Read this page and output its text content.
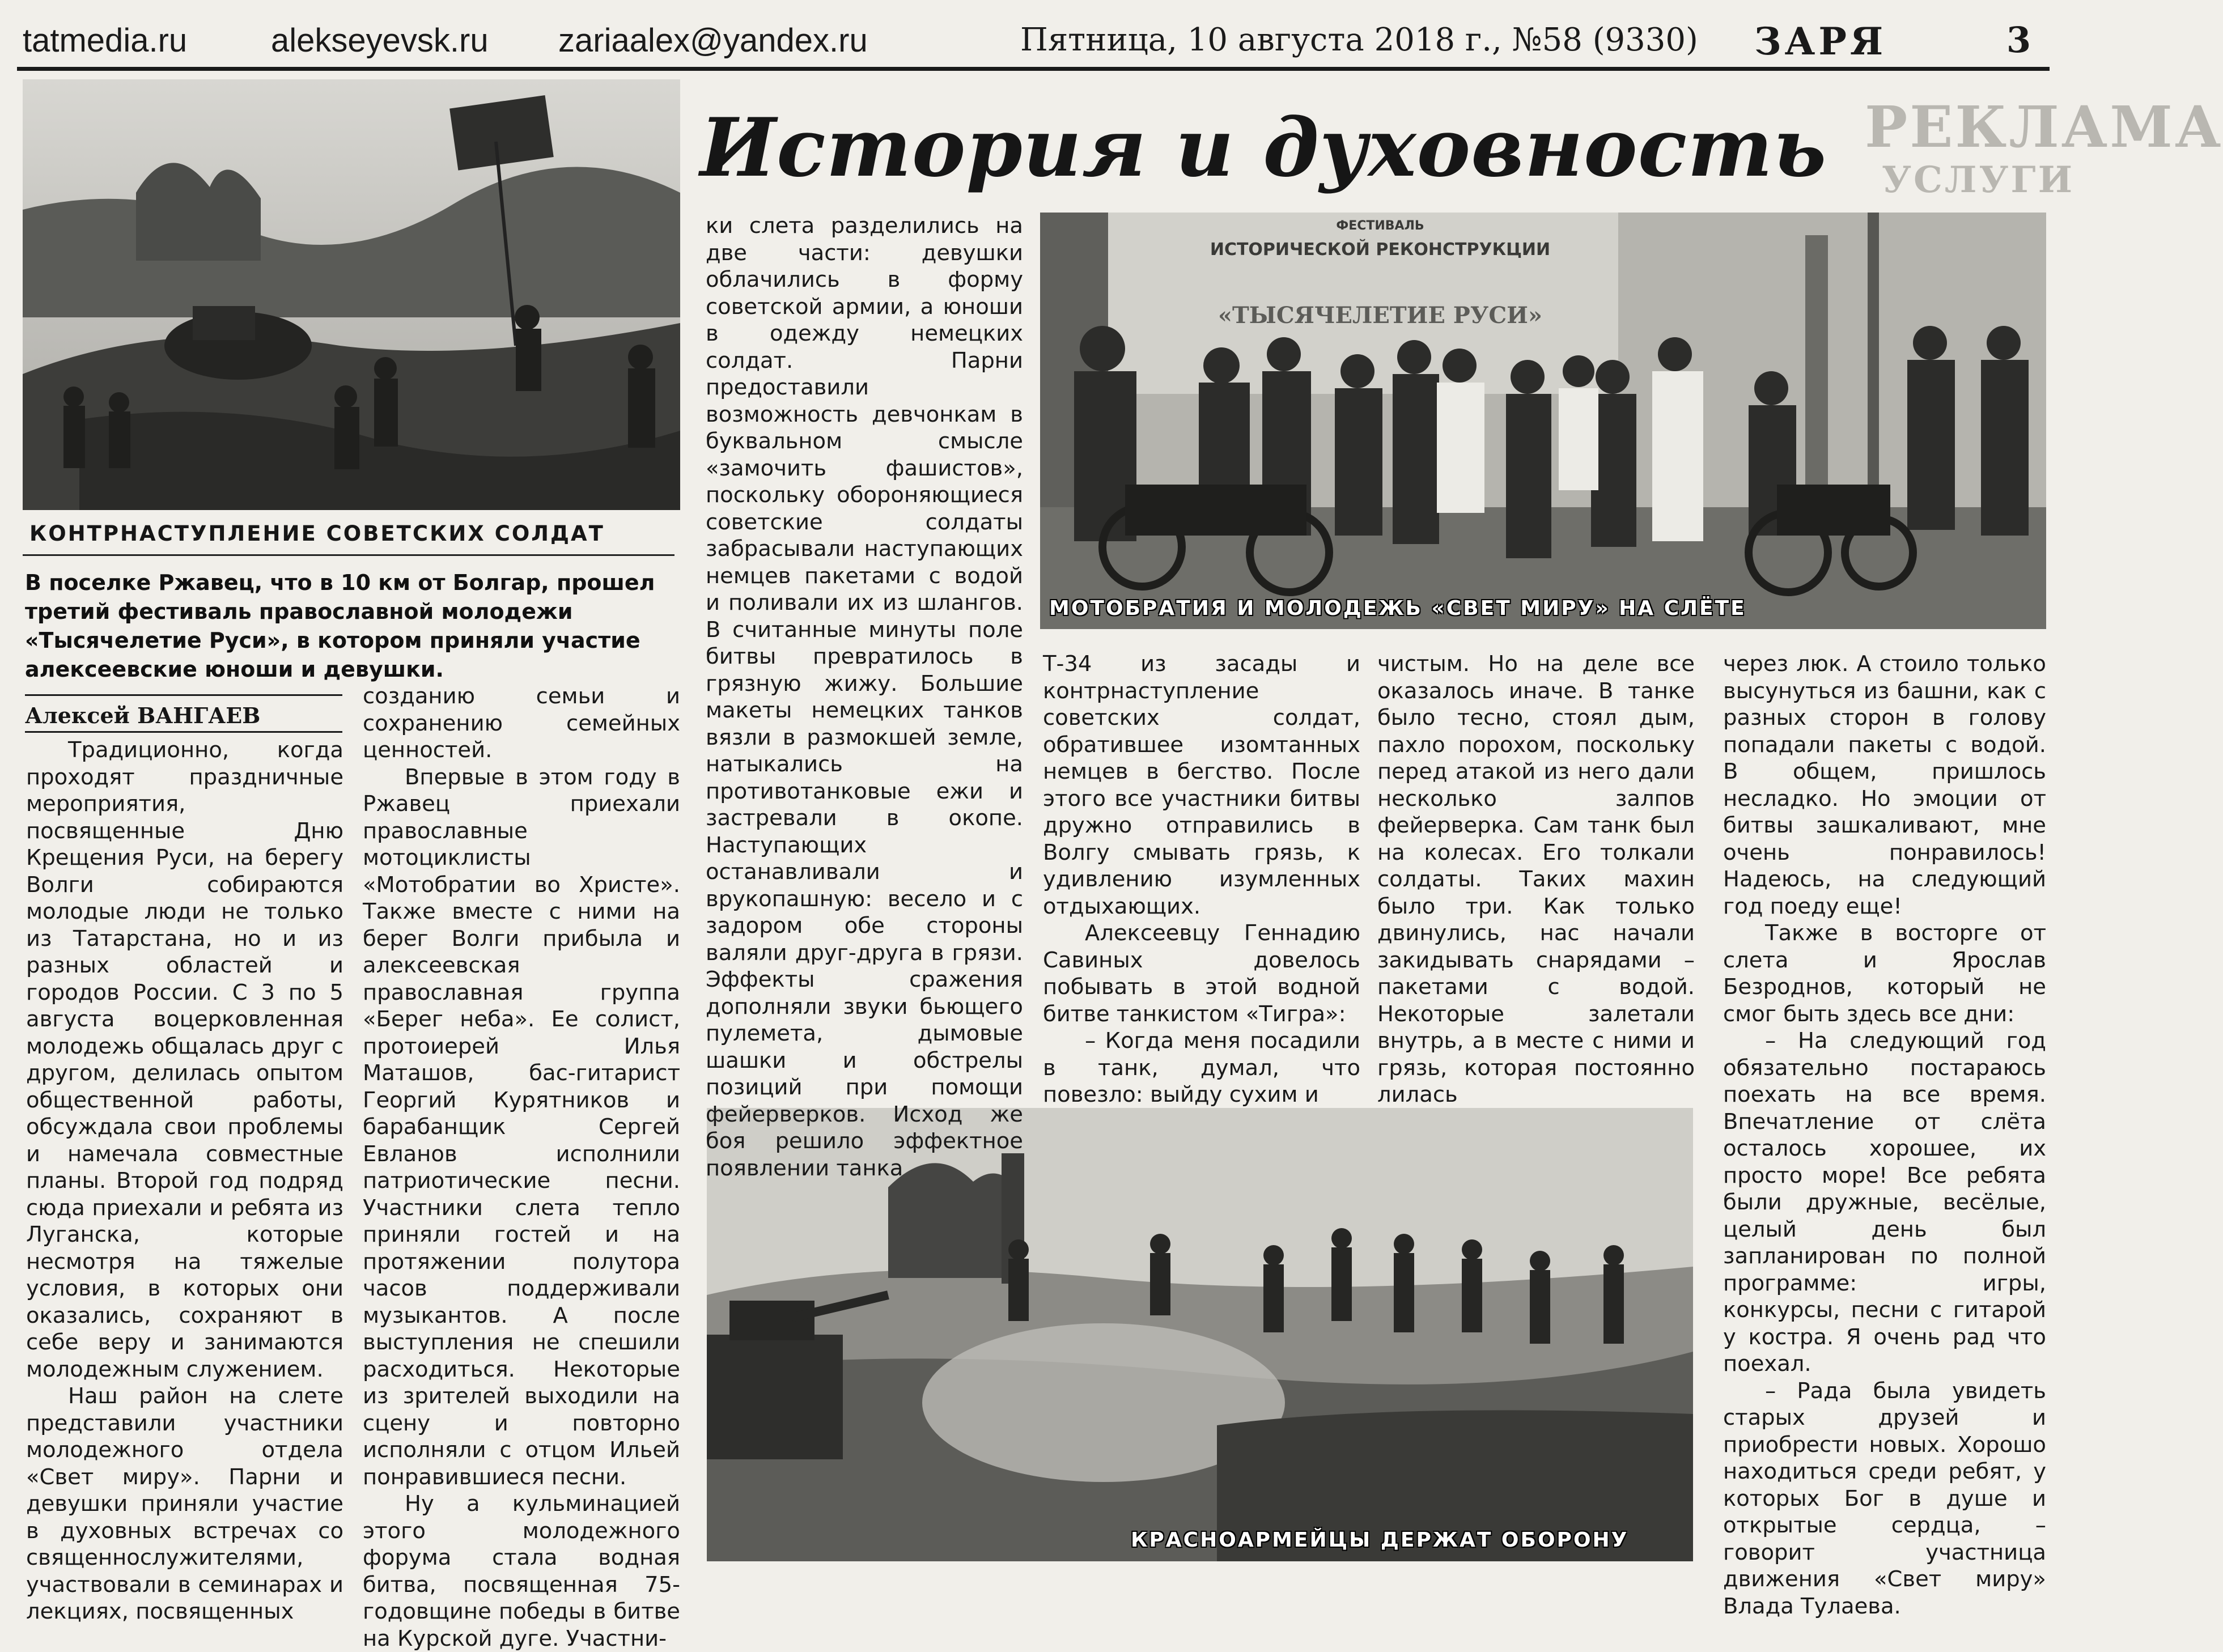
tatmedia.ru	alekseyevsk.ru zariaalex@yandex.ru	Пятница, 10 августа 2018 г., №58 (9330) ЗАРЯ	3
РЕКЛАМА
УСЛУГИ
История и духовность
КОНТРНАСТУПЛЕНИЕ СОВЕТСКИХ СОЛДАТ
В поселке Ржавец, что в 10 км от Болгар, прошел третий фестиваль православной молодежи «Тысячелетие Руси», в котором приняли участие алексеевские юноши и девушки.
Алексей ВАНГАЕВ
ФЕСТИВАЛЬ
ИСТОРИЧЕСКОЙ РЕКОНСТРУКЦИИ
«ТЫСЯЧЕЛЕТИЕ РУСИ»
МОТОБРАТИЯ И МОЛОДЕЖЬ «СВЕТ МИРУ» НА СЛЁТЕ
КРАСНОАРМЕЙЦЫ ДЕРЖАТ ОБОРОНУ

Традиционно, когда проходят праздничные мероприятия, посвященные Дню Крещения Руси, на берегу Волги собираются молодые люди не только из Татарстана, но и из разных областей и городов России. С 3 по 5 августа воцерковленная молодежь общалась друг с другом, делилась опытом общественной работы, обсуждала свои проблемы и намечала совместные планы. Второй год подряд сюда приехали и ребята из Луганска, которые несмотря на тяжелые условия, в которых они оказались, сохраняют в себе веру и занимаются молодежным служением.

Наш район на слете представили участники молодежного отдела «Свет миру». Парни и девушки приняли участие в духовных встречах со священнослужителями, участвовали в семинарах и лекциях, посвященных

созданию семьи и сохранению семейных ценностей.

Впервые в этом году в Ржавец приехали православные мотоциклисты «Мотобратии во Христе». Также вместе с ними на берег Волги прибыла и алексеевская православная группа «Берег неба». Ее солист, протоиерей Илья Маташов, бас-гитарист Георгий Курятников и барабанщик Сергей Евланов исполнили патриотические песни. Участники слета тепло приняли гостей и на протяжении полутора часов поддерживали музыкантов. А после выступления не спешили расходиться. Некоторые из зрителей выходили на сцену и повторно исполняли с отцом Ильей понравившиеся песни.

Ну а кульминацией этого молодежного форума стала водная битва, посвященная 75-годовщине победы в битве на Курской дуге. Участни-

ки слета разделились на две части: девушки облачились в форму советской армии, а юноши в одежду немецких солдат. Парни предоставили возможность девчонкам в буквальном смысле «замочить фашистов», поскольку обороняющиеся советские солдаты забрасывали наступающих немцев пакетами с водой и поливали их из шлангов. В считанные минуты поле битвы превратилось в грязную жижу. Большие макеты немецких танков вязли в размокшей земле, натыкались на противотанковые ежи и застревали в окопе. Наступающих останавливали и врукопашную: весело и с задором обе стороны валяли друг-друга в грязи. Эффекты сражения дополняли звуки бьющего пулемета, дымовые шашки и обстрелы позиций при помощи фейерверков. Исход же боя решило эффектное появлении танка

Т-34 из засады и контрнаступление советских солдат, обратившее изомтанных немцев в бегство. После этого все участники битвы дружно отправились в Волгу смывать грязь, к удивлению изумленных отдыхающих.

Алексеевцу Геннадию Савиных довелось побывать в этой водной битве танкистом «Тигра»:

– Когда меня посадили в танк, думал, что повезло: выйду сухим и

чистым. Но на деле все оказалось иначе. В танке было тесно, стоял дым, пахло порохом, поскольку перед атакой из него дали несколько залпов фейерверка. Сам танк был на колесах. Его толкали солдаты. Таких махин было три. Как только двинулись, нас начали закидывать снарядами – пакетами с водой. Некоторые залетали внутрь, а в месте с ними и грязь, которая постоянно лилась

через люк. А стоило только высунуться из башни, как с разных сторон в голову попадали пакеты с водой. В общем, пришлось несладко. Но эмоции от битвы зашкаливают, мне очень понравилось! Надеюсь, на следующий год поеду еще!

Также в восторге от слета и Ярослав Безроднов, который не смог быть здесь все дни:

– На следующий год обязательно постараюсь поехать на все время. Впечатление от слёта осталось хорошее, их просто море! Все ребята были дружные, весёлые, целый день был запланирован по полной программе: игры, конкурсы, песни с гитарой у костра. Я очень рад что поехал.

– Рада была увидеть старых друзей и приобрести новых. Хорошо находиться среди ребят, у которых Бог в душе и открытые сердца, – говорит участница движения «Свет миру» Влада Тулаева.
